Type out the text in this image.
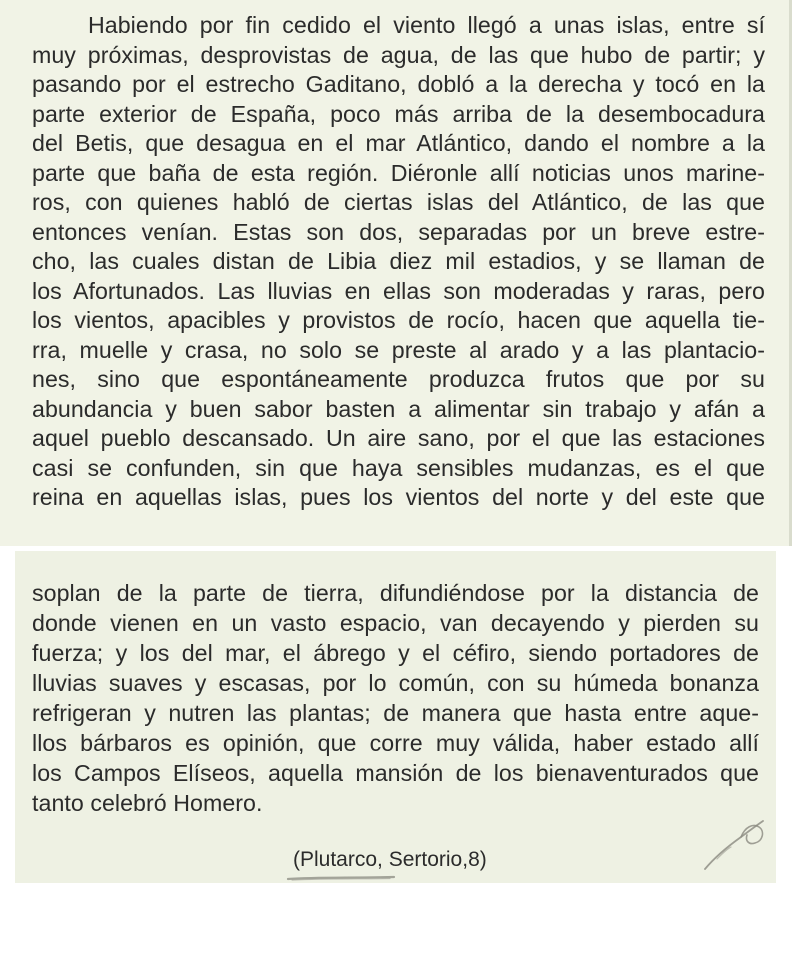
Habiendo por fin cedido el viento llegó a unas islas, entre sí
muy próximas, desprovistas de agua, de las que hubo de partir; y
pasando por el estrecho Gaditano, dobló a la derecha y tocó en la
parte exterior de España, poco más arriba de la desembocadura
del Betis, que desagua en el mar Atlántico, dando el nombre a la
parte que baña de esta región. Diéronle allí noticias unos marine-
ros, con quienes habló de ciertas islas del Atlántico, de las que
entonces venían. Estas son dos, separadas por un breve estre-
cho, las cuales distan de Libia diez mil estadios, y se llaman de
los Afortunados. Las lluvias en ellas son moderadas y raras, pero
los vientos, apacibles y provistos de rocío, hacen que aquella tie-
rra, muelle y crasa, no solo se preste al arado y a las plantacio-
nes, sino que espontáneamente produzca frutos que por su
abundancia y buen sabor basten a alimentar sin trabajo y afán a
aquel pueblo descansado. Un aire sano, por el que las estaciones
casi se confunden, sin que haya sensibles mudanzas, es el que
reina en aquellas islas, pues los vientos del norte y del este que

soplan de la parte de tierra, difundiéndose por la distancia de
donde vienen en un vasto espacio, van decayendo y pierden su
fuerza; y los del mar, el ábrego y el céfiro, siendo portadores de
lluvias suaves y escasas, por lo común, con su húmeda bonanza
refrigeran y nutren las plantas; de manera que hasta entre aque-
llos bárbaros es opinión, que corre muy válida, haber estado allí
los Campos Elíseos, aquella mansión de los bienaventurados que
tanto celebró Homero.

(Plutarco, Sertorio,8)
